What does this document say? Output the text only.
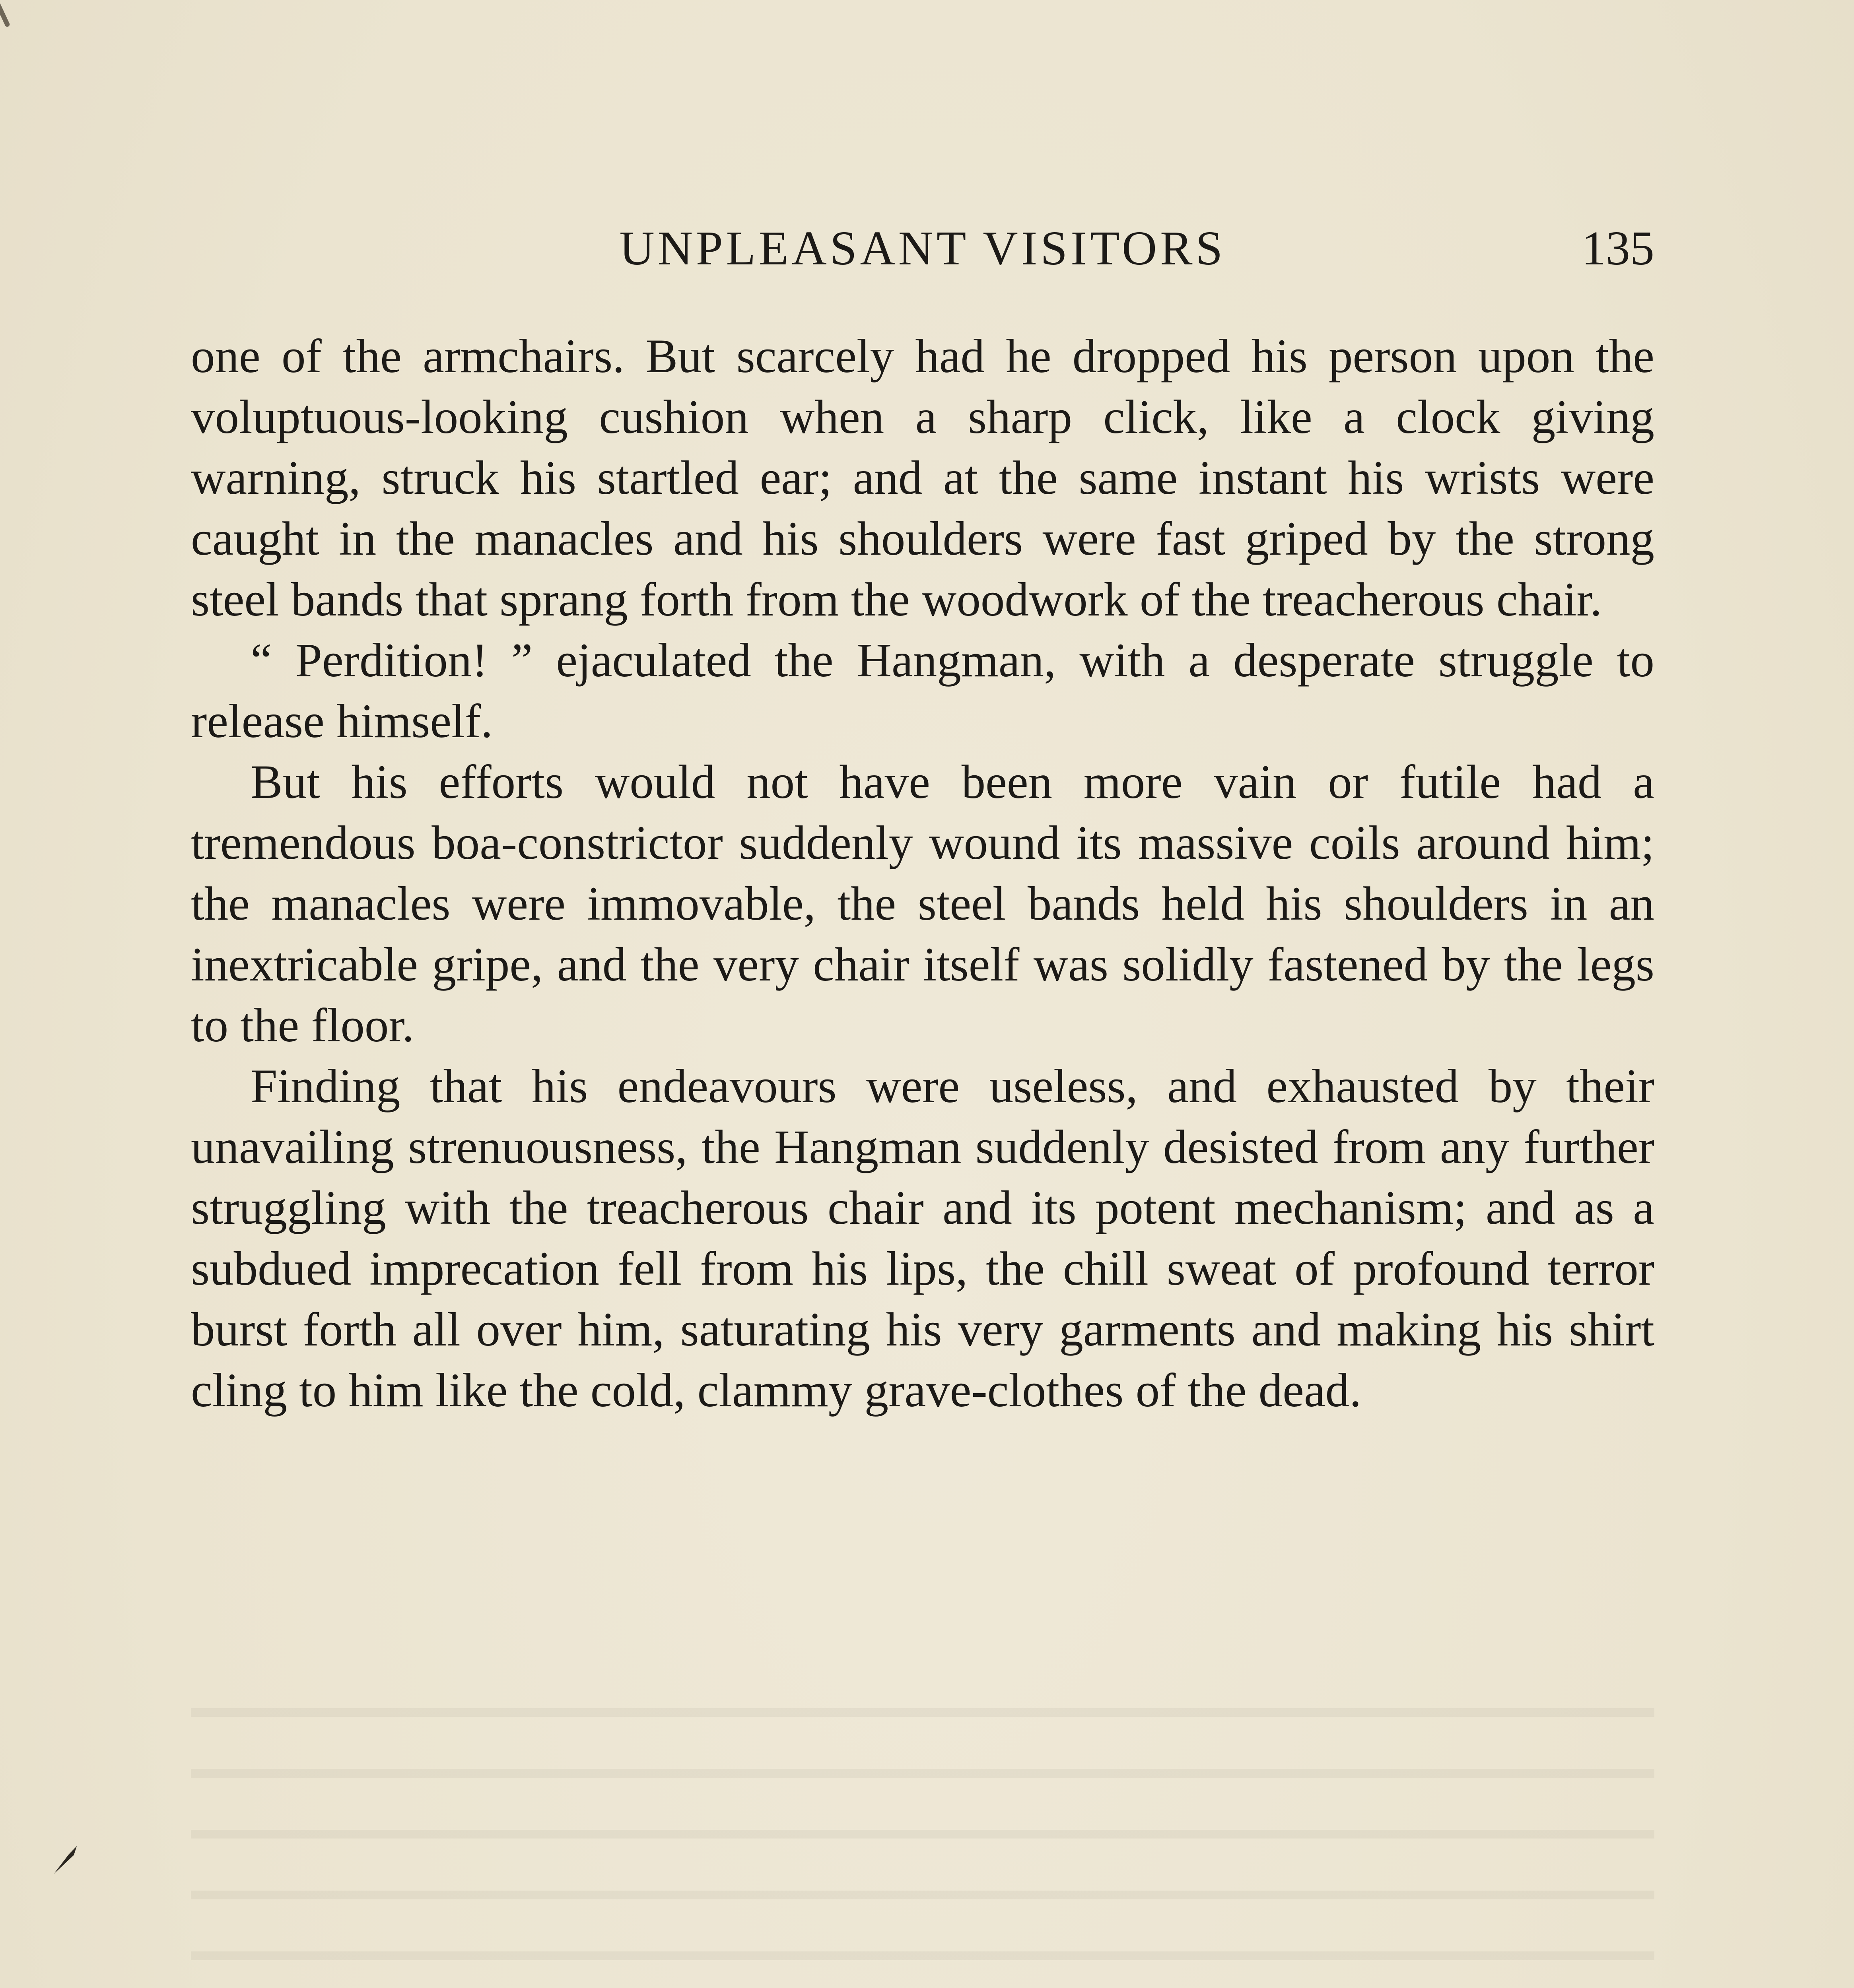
UNPLEASANT VISITORS	135

one of the armchairs. But scarcely had he dropped his person upon the voluptuous-looking cushion when a sharp click, like a clock giving warning, struck his startled ear; and at the same instant his wrists were caught in the manacles and his shoulders were fast griped by the strong steel bands that sprang forth from the woodwork of the treacherous chair.

“ Perdition! ” ejaculated the Hangman, with a desperate struggle to release himself.

But his efforts would not have been more vain or futile had a tremendous boa-constrictor suddenly wound its massive coils around him; the manacles were immovable, the steel bands held his shoulders in an inextricable gripe, and the very chair itself was solidly fastened by the legs to the floor.

Finding that his endeavours were useless, and exhausted by their unavailing strenuousness, the Hangman suddenly desisted from any further struggling with the treacherous chair and its potent mechanism; and as a subdued imprecation fell from his lips, the chill sweat of profound terror burst forth all over him, saturating his very garments and making his shirt cling to him like the cold, clammy grave-clothes of the dead.
